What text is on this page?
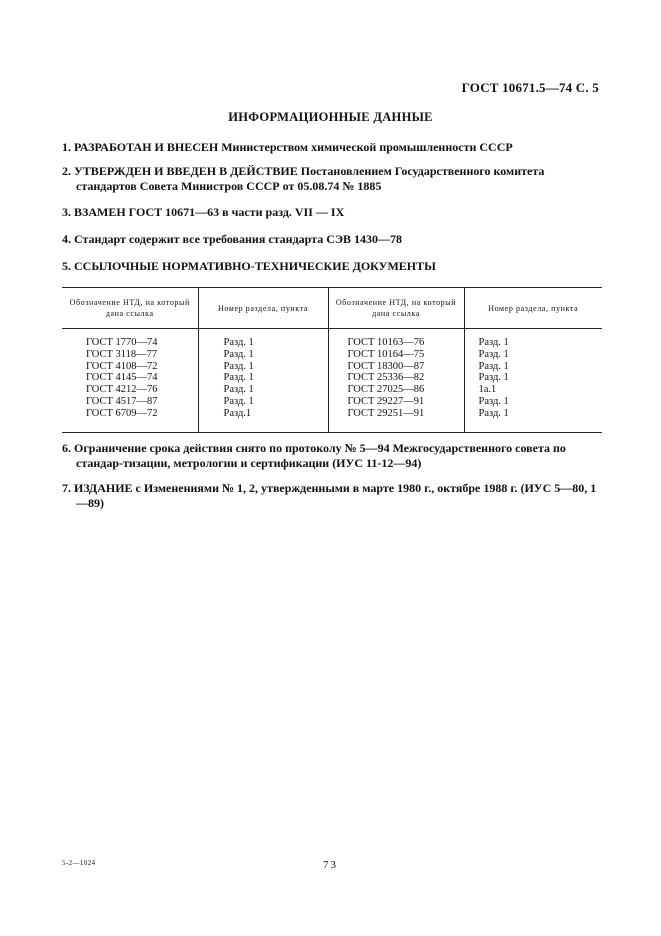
ГОСТ 10671.5—74 С. 5
ИНФОРМАЦИОННЫЕ ДАННЫЕ
1. РАЗРАБОТАН И ВНЕСЕН Министерством химической промышленности СССР
2. УТВЕРЖДЕН И ВВЕДЕН В ДЕЙСТВИЕ Постановлением Государственного комитета стандартов Совета Министров СССР от 05.08.74 № 1885
3. ВЗАМЕН ГОСТ 10671—63 в части разд. VII — IX
4. Стандарт содержит все требования стандарта СЭВ 1430—78
5. ССЫЛОЧНЫЕ НОРМАТИВНО-ТЕХНИЧЕСКИЕ ДОКУМЕНТЫ
Обозначение НТД, на который дана ссылка	Номер раздела, пункта	Обозначение НТД, на который дана ссылка	Номер раздела, пункта

ГОСТ 1770—74	Разд. 1	ГОСТ 10163—76	Разд. 1
ГОСТ 3118—77	Разд. 1	ГОСТ 10164—75	Разд. 1
ГОСТ 4108—72	Разд. 1	ГОСТ 18300—87	Разд. 1
ГОСТ 4145—74	Разд. 1	ГОСТ 25336—82	Разд. 1
ГОСТ 4212—76	Разд. 1	ГОСТ 27025—86	1а.1
ГОСТ 4517—87	Разд. 1	ГОСТ 29227—91	Разд. 1
ГОСТ 6709—72	Разд.1	ГОСТ 29251—91	Разд. 1
6. Ограничение срока действия снято по протоколу № 5—94 Межгосударственного совета по стандар-тизации, метрологии и сертификации (ИУС 11-12—94)
7. ИЗДАНИЕ с Изменениями № 1, 2, утвержденными в марте 1980 г., октябре 1988 г. (ИУС 5—80, 1—89)
5-2—1024	73
